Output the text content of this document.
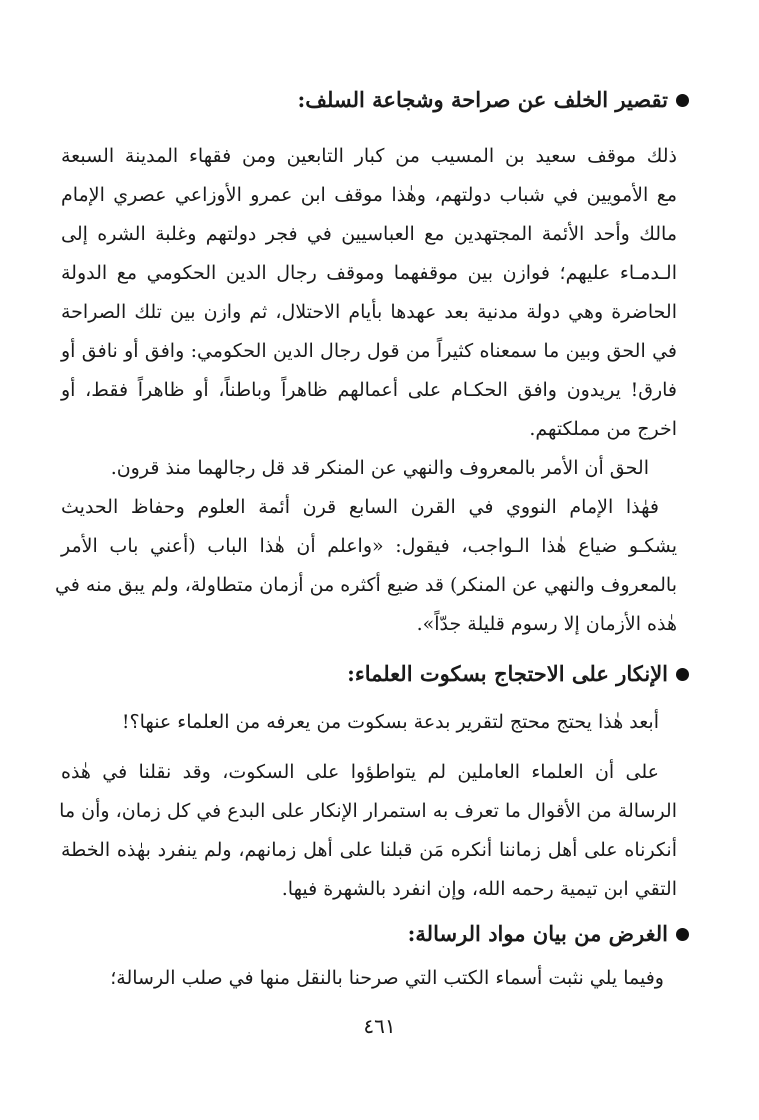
تقصير الخلف عن صراحة وشجاعة السلف:
ذلك موقف سعيد بن المسيب من كبار التابعين ومن فقهاء المدينة السبعة
مع الأمويين في شباب دولتهم، وهٰذا موقف ابن عمرو الأوزاعي عصري الإمام
مالك وأحد الأئمة المجتهدين مع العباسيين في فجر دولتهم وغلبة الشره إلى
الـدمـاء عليهم؛ فوازن بين موقفهما وموقف رجال الدين الحكومي مع الدولة
الحاضرة وهي دولة مدنية بعد عهدها بأيام الاحتلال، ثم وازن بين تلك الصراحة
في الحق وبين ما سمعناه كثيراً من قول رجال الدين الحكومي: وافق أو نافق أو
فارق! يريدون وافق الحكـام على أعمالهم ظاهراً وباطناً، أو ظاهراً فقط، أو
اخرج من مملكتهم.
الحق أن الأمر بالمعروف والنهي عن المنكر قد قل رجالهما منذ قرون.
فهٰذا الإمام النووي في القرن السابع قرن أئمة العلوم وحفاظ الحديث
يشكـو ضياع هٰذا الـواجب، فيقول: «واعلم أن هٰذا الباب (أعني باب الأمر
بالمعروف والنهي عن المنكر) قد ضيع أكثره من أزمان متطاولة، ولم يبق منه في
هٰذه الأزمان إلا رسوم قليلة جدّاً».
الإنكار على الاحتجاج بسكوت العلماء:
أبعد هٰذا يحتج محتج لتقرير بدعة بسكوت من يعرفه من العلماء عنها؟!
على أن العلماء العاملين لم يتواطؤوا على السكوت، وقد نقلنا في هٰذه
الرسالة من الأقوال ما تعرف به استمرار الإنكار على البدع في كل زمان، وأن ما
أنكرناه على أهل زماننا أنكره مَن قبلنا على أهل زمانهم، ولم ينفرد بهٰذه الخطة
التقي ابن تيمية رحمه الله، وإن انفرد بالشهرة فيها.
الغرض من بيان مواد الرسالة:
وفيما يلي نثبت أسماء الكتب التي صرحنا بالنقل منها في صلب الرسالة؛
٤٦١
